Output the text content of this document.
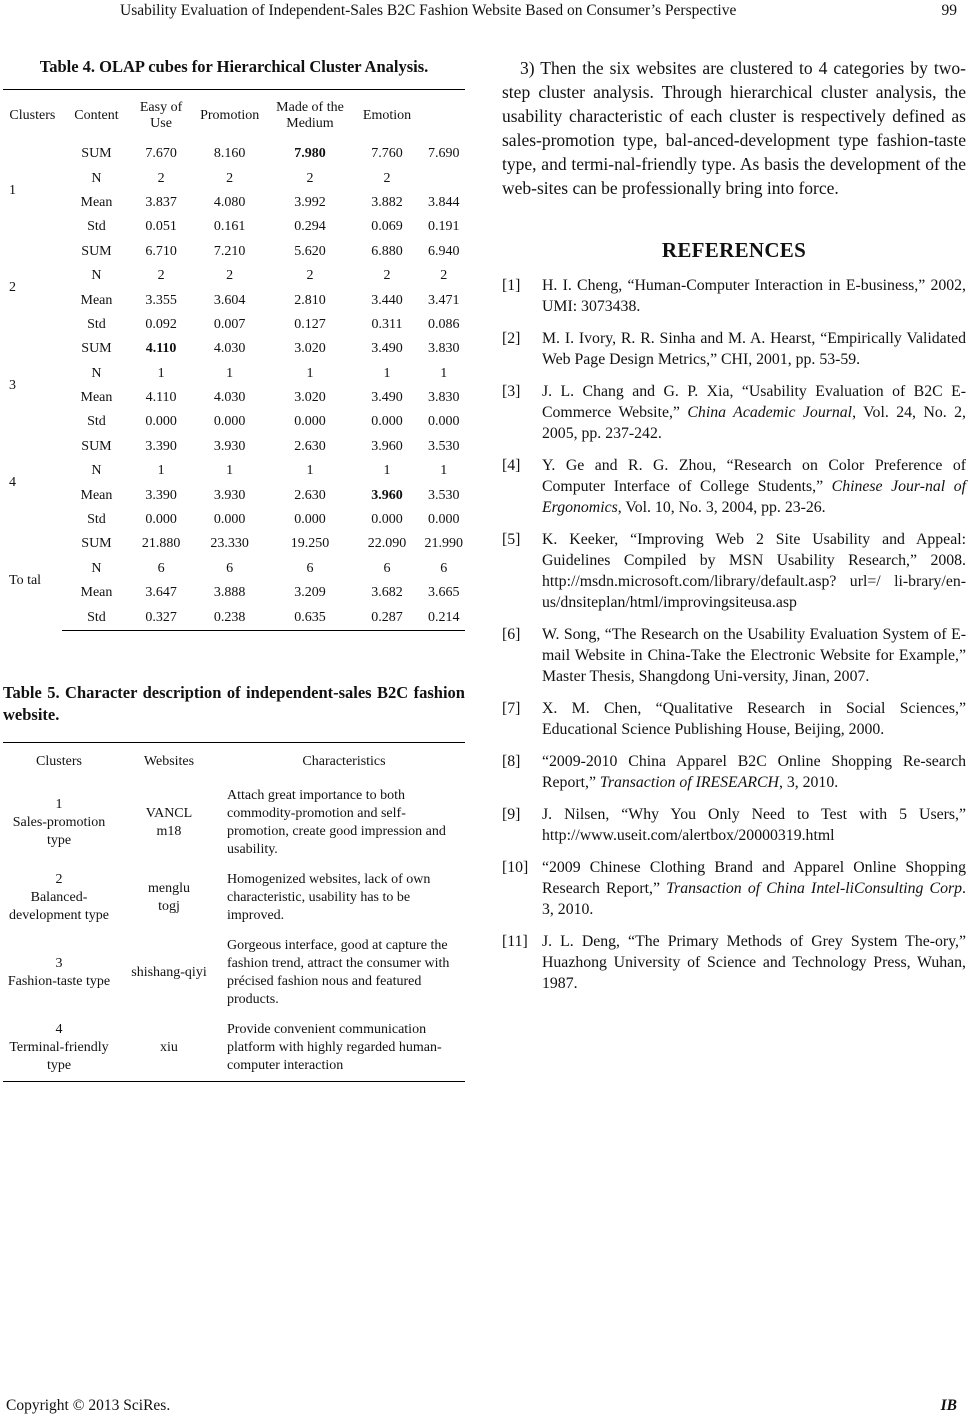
Usability Evaluation of Independent-Sales B2C Fashion Website Based on Consumer’s Perspective	99

Table 4. OLAP cubes for Hierarchical Cluster Analysis.

Clusters	Content	Easy of Use	Promotion	Made of the Medium	Emotion	
1	SUM	7.670	8.160	7.980	7.760	7.690
	N	2	2	2	2	
	Mean	3.837	4.080	3.992	3.882	3.844
	Std	0.051	0.161	0.294	0.069	0.191
2	SUM	6.710	7.210	5.620	6.880	6.940
	N	2	2	2	2	2
	Mean	3.355	3.604	2.810	3.440	3.471
	Std	0.092	0.007	0.127	0.311	0.086
3	SUM	4.110	4.030	3.020	3.490	3.830
	N	1	1	1	1	1
	Mean	4.110	4.030	3.020	3.490	3.830
	Std	0.000	0.000	0.000	0.000	0.000
4	SUM	3.390	3.930	2.630	3.960	3.530
	N	1	1	1	1	1
	Mean	3.390	3.930	2.630	3.960	3.530
	Std	0.000	0.000	0.000	0.000	0.000
To tal	SUM	21.880	23.330	19.250	22.090	21.990
	N	6	6	6	6	6
	Mean	3.647	3.888	3.209	3.682	3.665
	Std	0.327	0.238	0.635	0.287	0.214

Table 5. Character description of independent-sales B2C fashion website.

Clusters	Websites	Characteristics

1
Sales-promotion type	VANCL m18	Attach great importance to both commodity-promotion and self-promotion, create good impression and usability.

2
Balanced-development type	menglu togj	Homogenized websites, lack of own characteristic, usability has to be improved.

3
Fashion-taste type	shishang-qiyi	Gorgeous interface, good at capture the fashion trend, attract the consumer with précised fashion nous and featured products.

4
Terminal-friendly type	xiu	Provide convenient communication platform with highly regarded human-computer interaction

3) Then the six websites are clustered to 4 categories by two-step cluster analysis. Through hierarchical cluster analysis, the usability characteristic of each cluster is respectively defined as sales-promotion type, bal-anced-development type fashion-taste type, and termi-nal-friendly type. As basis the development of the web-sites can be professionally bring into force.

REFERENCES
[1] H. I. Cheng, “Human-Computer Interaction in E-business,” 2002, UMI: 3073438.
[2] M. I. Ivory, R. R. Sinha and M. A. Hearst, “Empirically Validated Web Page Design Metrics,” CHI, 2001, pp. 53-59.
[3] J. L. Chang and G. P. Xia, “Usability Evaluation of B2C E-Commerce Website,” China Academic Journal, Vol. 24, No. 2, 2005, pp. 237-242.
[4] Y. Ge and R. G. Zhou, “Research on Color Preference of Computer Interface of College Students,” Chinese Jour-nal of Ergonomics, Vol. 10, No. 3, 2004, pp. 23-26.
[5] K. Keeker, “Improving Web 2 Site Usability and Appeal: Guidelines Compiled by MSN Usability Research,” 2008. http://msdn.microsoft.com/library/default.asp? url=/ li-brary/en-us/dnsiteplan/html/improvingsiteusa.asp
[6] W. Song, “The Research on the Usability Evaluation System of E-mail Website in China-Take the Electronic Website for Example,” Master Thesis, Shangdong Uni-versity, Jinan, 2007.
[7] X. M. Chen, “Qualitative Research in Social Sciences,” Educational Science Publishing House, Beijing, 2000.
[8] “2009-2010 China Apparel B2C Online Shopping Re-search Report,” Transaction of IRESEARCH, 3, 2010.
[9] J. Nilsen, “Why You Only Need to Test with 5 Users,” http://www.useit.com/alertbox/20000319.html
[10] “2009 Chinese Clothing Brand and Apparel Online Shopping Research Report,” Transaction of China Intel-liConsulting Corp. 3, 2010.
[11] J. L. Deng, “The Primary Methods of Grey System The-ory,” Huazhong University of Science and Technology Press, Wuhan, 1987.
Copyright © 2013 SciRes.	IB
